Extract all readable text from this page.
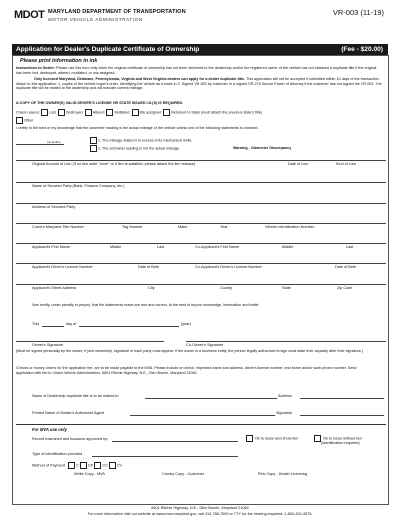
MDOT MARYLAND DEPARTMENT OF TRANSPORTATION
MOTOR VEHICLE ADMINISTRATION
VR-003 (11-19)
Application for Dealer's Duplicate Certificate of Ownership	(Fee - $20.00)
Please print information in ink
Instructions to Dealer: Please use this form only when the original certificate of ownership has not been delivered to the dealership and/or the registered owner of the vehicle has not obtained a duplicate title if the original has been lost, destroyed, altered, mutilated, or mis assigned.
Only licensed Maryland, Delaware, Pennsylvania, Virginia and West Virginia dealers can apply for a dealer duplicate title. This application will not be accepted if submitted within 10 days of the transaction. Attach to this application: 1. copies of the vehicle buyer's order, identifying the vehicle as a trade-in 2. Signed VR-003 by customer or a signed VR-278 Secure Power of Attorney if the customer has not signed the VR-003. The duplicate title will be mailed to the dealership and will indicate current mileage.
A COPY OF THE OWNER(S) VALID DRIVER'S LICENSE OR STATE ISSUED I.D.(S) IS REQUIRED.
Check reason: Lost	Destroyed	Altered	Mutilated	Mis assigned	Returned to State (must attach the previous state's title)
Other
I certify to the best of my knowledge that the odometer reading is the actual mileage of the vehicle unless one of the following statements is checked.
(no tenths)	1. The mileage stated is in excess of its mechanical limits.
2. The odometer reading is not the actual mileage.	Warning - Odometer Discrepancy
Original Amount of Lien (If no lien write "none" or if lien is satisfied, please attach the lien release)	Date of Lien	Kind of Lien
Name of Secured Party (Bank, Finance Company, etc.)
Address of Secured Party
Current Maryland Title Number	Tag Number	Make	Year	Vehicle Identification Number
Applicant's First Name	Middle	Last	Co-Applicant's First Name	Middle	Last
Applicant's Driver's License Number	Date of Birth	Co-Applicant's Driver's License Number	Date of Birth
Applicant's Street Address	City	County	State	Zip Code
I/we certify, under penalty of perjury, that the statements made are true and correct, to the best of my/our knowledge, information and belief.
This	day of	(year)
Owner's Signature	Co-Owner's Signature
(Must be signed personally by the owner; If joint ownership, signature of each party must appear; If the owner is a business entity, the person legally authorized to sign must state their capacity after their signature.)
Checks or money orders for the application fee, are to be made payable to the MVA. Please include on check: imprinted name and address, driver's license number, and home and/or work phone number. Send application with fee to: Motor Vehicle Administration, 6601 Ritchie Highway, N.E., Glen Burnie, Maryland 21062.
Name of Dealership duplicate title is to be mailed to	Address
Printed Name of Dealer's Authorized Agent	Signature
For MVA use only
Record examined and issuance approved by:	Ok to issue and show lien	Ok to issue without lien
(identification required)
Type of identification provided
Method of Payment	C CK CC CV
White Copy - MVA	Canary Copy - Customer	Pink Copy - Dealer Licensing
6601 Ritchie Highway, N.E., Glen Burnie, Maryland 21062
For more information visit our website at www.mva.maryland.gov, call 410-768-7000 or TTY for the hearing impaired: 1-800-492-4575.
